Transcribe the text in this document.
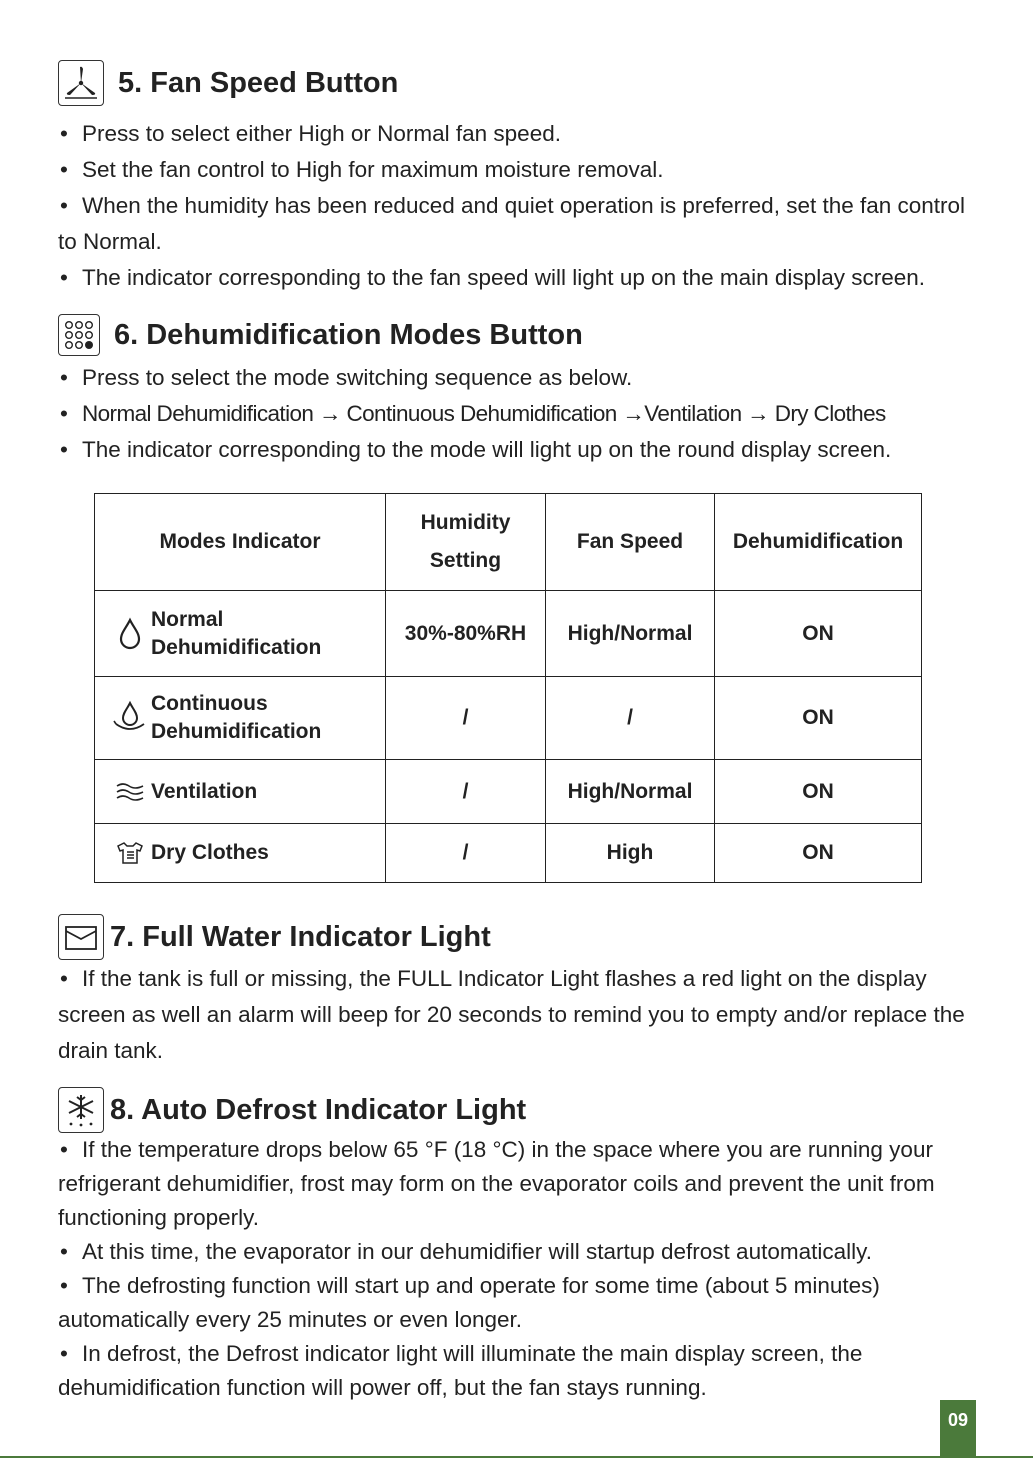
5. Fan Speed Button

• Press to select either High or Normal fan speed.

• Set the fan control to High for maximum moisture removal.

• When the humidity has been reduced and quiet operation is preferred, set the fan control to Normal.

• The indicator corresponding to the fan speed will light up on the main display screen.

6. Dehumidification Modes Button

• Press to select the mode switching sequence as below.

• Normal Dehumidification → Continuous Dehumidification →Ventilation → Dry Clothes

• The indicator corresponding to the mode will light up on the round display screen.

Modes Indicator	Humidity Setting	Fan Speed	Dehumidification

Normal Dehumidification	30%-80%RH	High/Normal	ON

Continuous Dehumidification	/	/	ON

Ventilation	/	High/Normal	ON

Dry Clothes	/	High	ON
7. Full Water Indicator Light

• If the tank is full or missing, the FULL Indicator Light flashes a red light on the display screen as well an alarm will beep for 20 seconds to remind you to empty and/or replace the drain tank.

8. Auto Defrost Indicator Light

• If the temperature drops below 65 °F (18 °C) in the space where you are running your refrigerant dehumidifier, frost may form on the evaporator coils and prevent the unit from functioning properly.

• At this time, the evaporator in our dehumidifier will startup defrost automatically.

• The defrosting function will start up and operate for some time (about 5 minutes) automatically every 25 minutes or even longer.

• In defrost, the Defrost indicator light will illuminate the main display screen, the dehumidification function will power off, but the fan stays running.

09
